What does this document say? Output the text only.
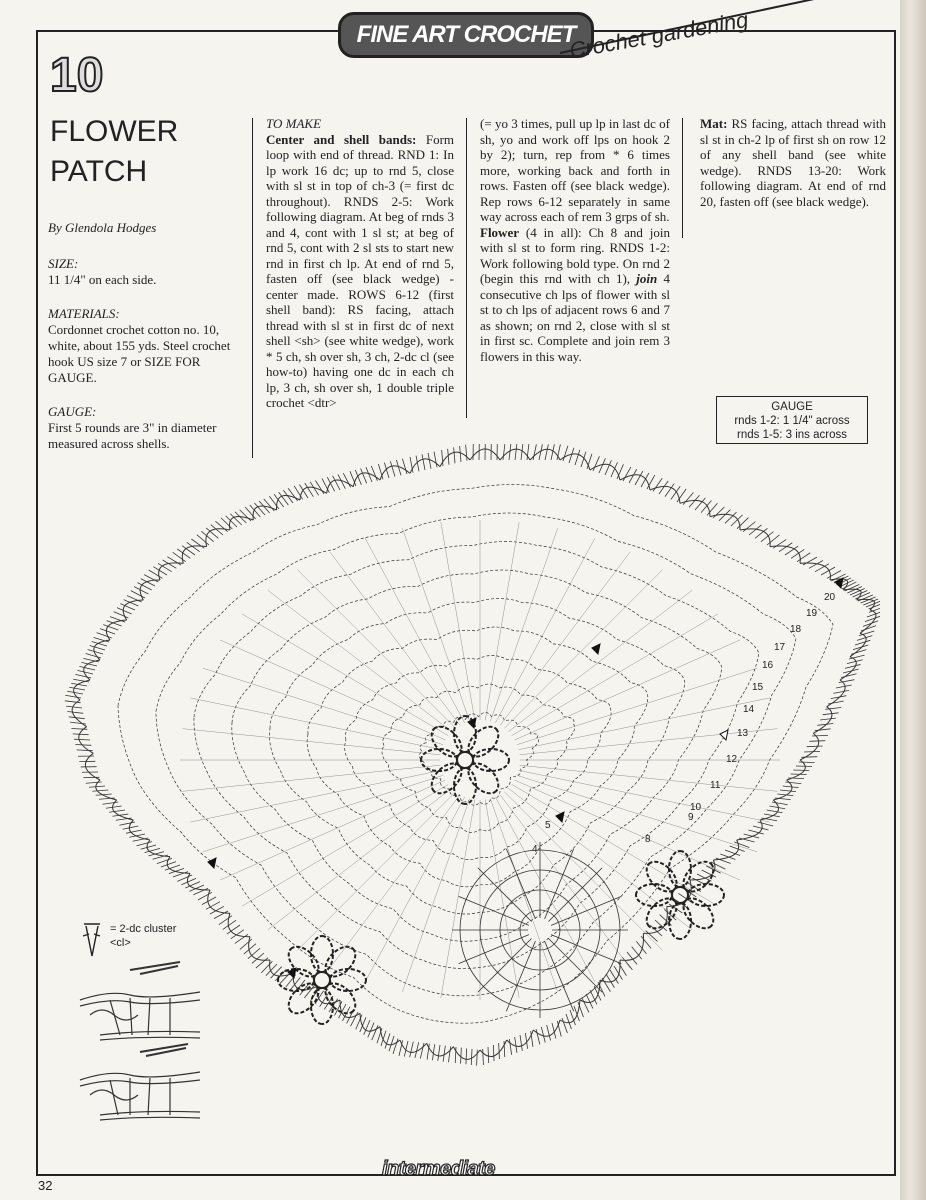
FINE ART CROCHET
Crochet gardening
10
FLOWER
PATCH
By Glendola Hodges
SIZE:
11 1/4" on each side.
MATERIALS:
Cordonnet crochet cotton no. 10, white, about 155 yds. Steel crochet hook US size 7 or SIZE FOR GAUGE.
GAUGE:
First 5 rounds are 3" in diameter measured across shells.
TO MAKE
Center and shell bands: Form loop with end of thread. RND 1: In lp work 16 dc; up to rnd 5, close with sl st in top of ch-3 (= first dc throughout). RNDS 2-5: Work following diagram. At beg of rnds 3 and 4, cont with 1 sl st; at beg of rnd 5, cont with 2 sl sts to start new rnd in first ch lp. At end of rnd 5, fasten off (see black wedge) - center made. ROWS 6-12 (first shell band): RS facing, attach thread with sl st in first dc of next shell <sh> (see white wedge), work * 5 ch, sh over sh, 3 ch, 2-dc cl (see how-to) having one dc in each ch lp, 3 ch, sh over sh, 1 double triple crochet <dtr>
(= yo 3 times, pull up lp in last dc of sh, yo and work off lps on hook 2 by 2); turn, rep from * 6 times more, working back and forth in rows. Fasten off (see black wedge). Rep rows 6-12 separately in same way across each of rem 3 grps of sh.
Flower (4 in all): Ch 8 and join with sl st to form ring. RNDS 1-2: Work following bold type. On rnd 2 (begin this rnd with ch 1), join 4 consecutive ch lps of flower with sl st to ch lps of adjacent rows 6 and 7 as shown; on rnd 2, close with sl st in first sc. Complete and join rem 3 flowers in this way.
Mat: RS facing, attach thread with sl st in ch-2 lp of first sh on row 12 of any shell band (see white wedge). RNDS 13-20: Work following diagram. At end of rnd 20, fasten off (see black wedge).
GAUGE
rnds 1-2: 1 1/4" across
rnds 1-5: 3 ins across
8
9
10
11
12
13
14
15
16
17
18
19
20
5
4
= 2-dc cluster <cl>
intermediate
32
